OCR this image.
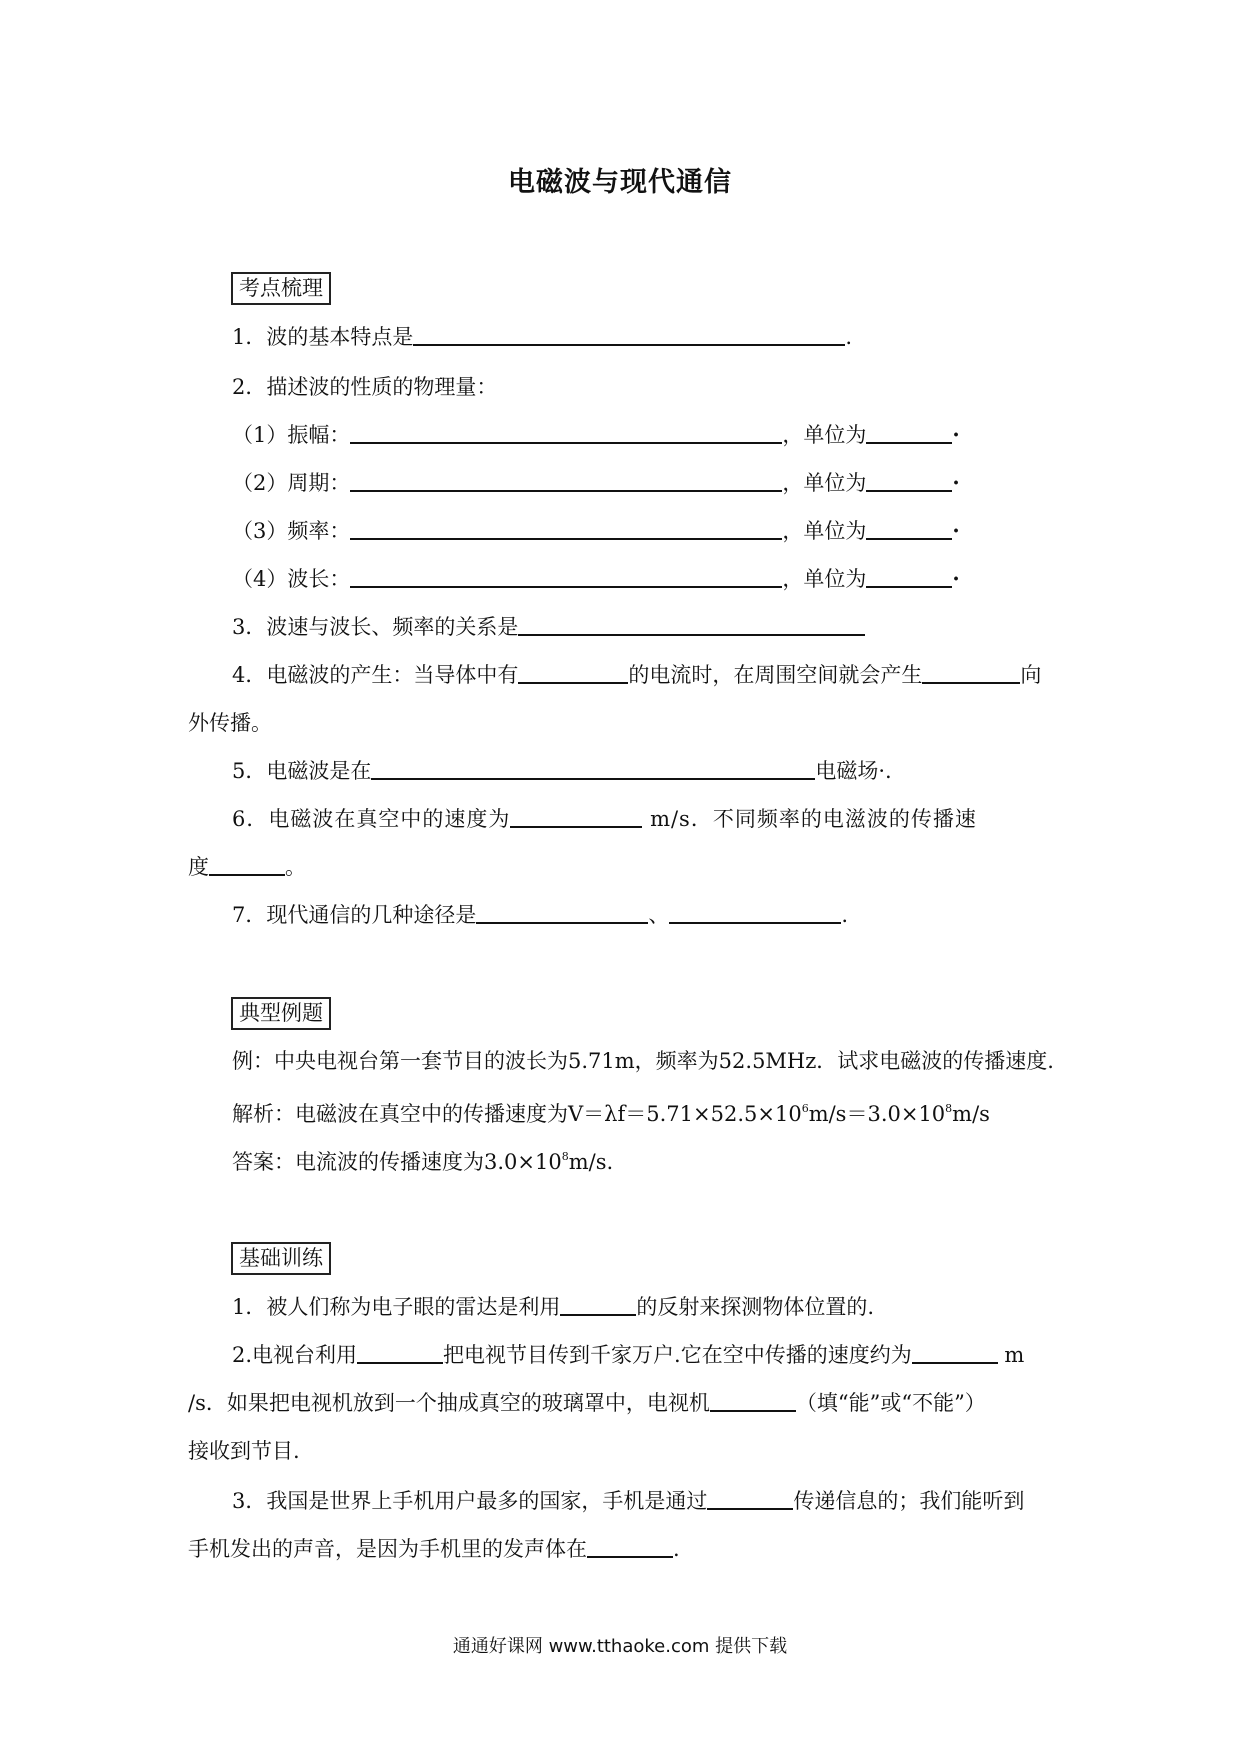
电磁波与现代通信
考点梳理
1．波的基本特点是	.
2．描述波的性质的物理量：
（1）振幅：	，单位为	·
（2）周期：	，单位为	·
（3）频率：	，单位为	·
（4）波长：	，单位为	·
3．波速与波长、频率的关系是
4．电磁波的产生：当导体中有	的电流时，在周围空间就会产生	向
外传播。
5．电磁波是在	电磁场·.
6．电磁波在真空中的速度为	m/s．不同频率的电滋波的传播速
度	。
7．现代通信的几种途径是	、	.
典型例题
例：中央电视台第一套节目的波长为5.71m，频率为52.5MHz．试求电磁波的传播速度.
解析：电磁波在真空中的传播速度为$V=\lambda f=5.71\times 52.5\times 10^6m/s=3.0\times 10^8m/s$
答案：电流波的传播速度为$3.0\times 10^8m/s$.
基础训练
1．被人们称为电子眼的雷达是利用	的反射来探测物体位置的.
2.电视台利用	把电视节目传到千家万户.它在空中传播的速度约为	m
/s．如果把电视机放到一个抽成真空的玻璃罩中，电视机	（填“能”或“不能”）
接收到节目.
3．我国是世界上手机用户最多的国家，手机是通过	传递信息的；我们能听到
手机发出的声音，是因为手机里的发声体在	.
通通好课网 www.tthaoke.com 提供下载
